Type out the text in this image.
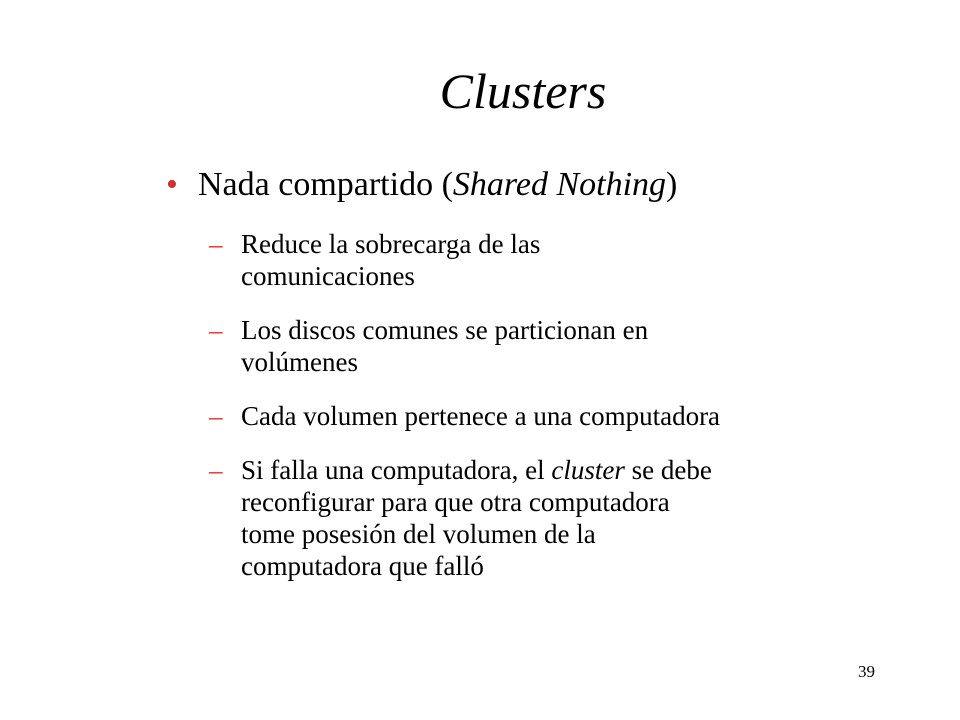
Clusters
• Nada compartido (Shared Nothing)
– Reduce la sobrecarga de las
comunicaciones
– Los discos comunes se particionan en
volúmenes
– Cada volumen pertenece a una computadora
– Si falla una computadora, el cluster se debe
reconfigurar para que otra computadora
tome posesión del volumen de la
computadora que falló
39
